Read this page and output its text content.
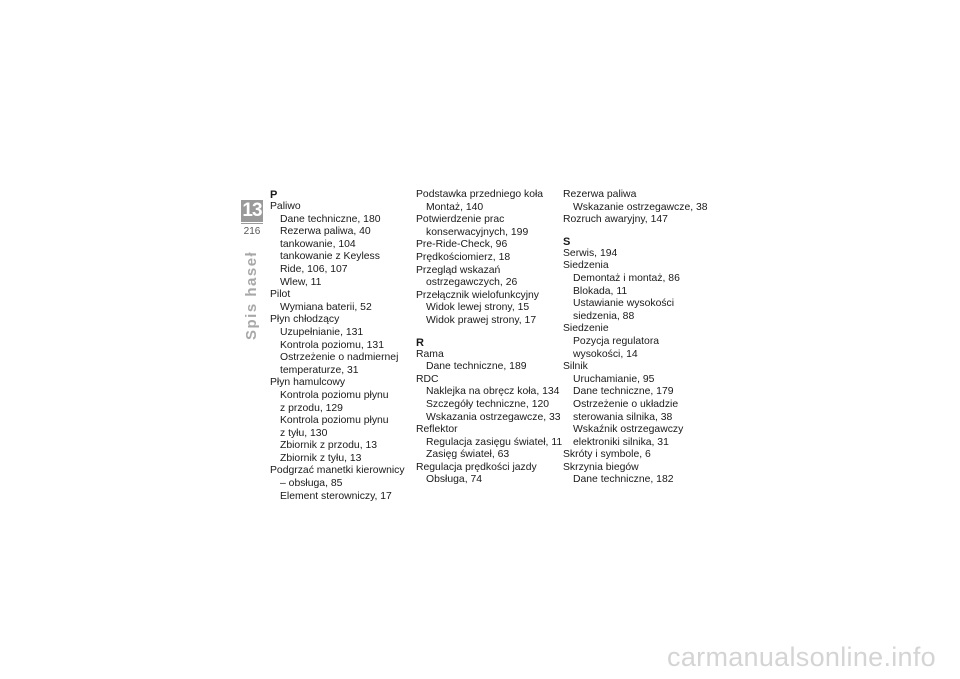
13
216
Spis haseł
P
Paliwo
Dane techniczne, 180
Rezerwa paliwa, 40
tankowanie, 104
tankowanie z Keyless
Ride, 106, 107
Wlew, 11
Pilot
Wymiana baterii, 52
Płyn chłodzący
Uzupełnianie, 131
Kontrola poziomu, 131
Ostrzeżenie o nadmiernej
temperaturze, 31
Płyn hamulcowy
Kontrola poziomu płynu
z przodu, 129
Kontrola poziomu płynu
z tyłu, 130
Zbiornik z przodu, 13
Zbiornik z tyłu, 13
Podgrzać manetki kierownicy
– obsługa, 85
Element sterowniczy, 17
Podstawka przedniego koła
Montaż, 140
Potwierdzenie prac
konserwacyjnych, 199
Pre-Ride-Check, 96
Prędkościomierz, 18
Przegląd wskazań
ostrzegawczych, 26
Przełącznik wielofunkcyjny
Widok lewej strony, 15
Widok prawej strony, 17
R
Rama
Dane techniczne, 189
RDC
Naklejka na obręcz koła, 134
Szczegóły techniczne, 120
Wskazania ostrzegawcze, 33
Reflektor
Regulacja zasięgu świateł, 11
Zasięg świateł, 63
Regulacja prędkości jazdy
Obsługa, 74
Rezerwa paliwa
Wskazanie ostrzegawcze, 38
Rozruch awaryjny, 147
S
Serwis, 194
Siedzenia
Demontaż i montaż, 86
Blokada, 11
Ustawianie wysokości
siedzenia, 88
Siedzenie
Pozycja regulatora
wysokości, 14
Silnik
Uruchamianie, 95
Dane techniczne, 179
Ostrzeżenie o układzie
sterowania silnika, 38
Wskaźnik ostrzegawczy
elektroniki silnika, 31
Skróty i symbole, 6
Skrzynia biegów
Dane techniczne, 182
carmanualsonline.info
